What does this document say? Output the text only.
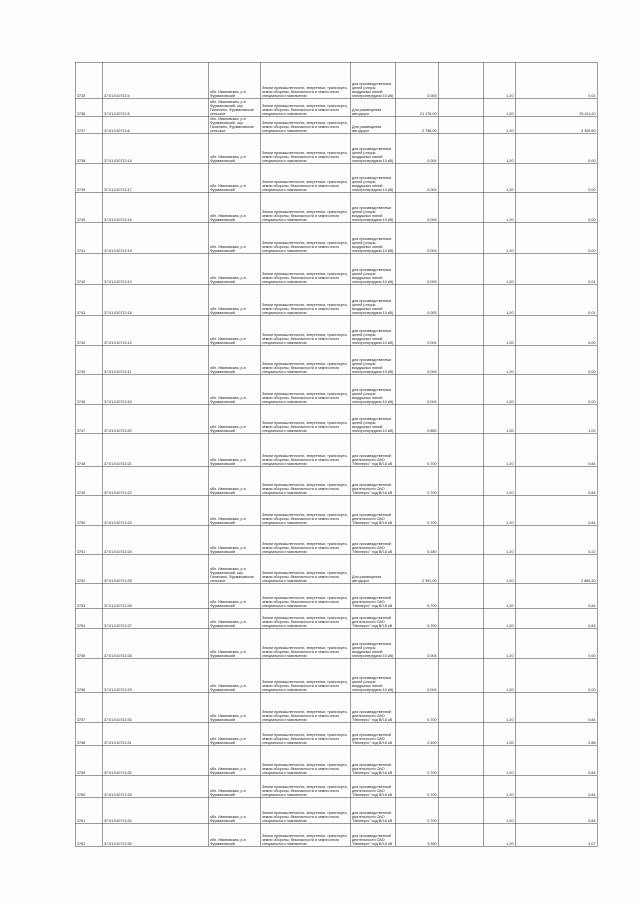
3735	37:01:010713:4	обл. Ивановская, р-н Фурмановский	Земли промышленности, энергетики, транспорта, земли обороны, безопасности и земли иного специального назначения	для производственных целей (опоры воздушных линий электропередачи 10 кВ)	0,005		1,20	0,01

3736	37:01:010713:5	обл. Ивановская, р-н Фурмановский, окр. Панелино, Фурмановское сельское	Земли промышленности, энергетики, транспорта, земли обороны, безопасности и земли иного специального назначения	Для размещения автодорог	21 176,00		1,20	25 411,20

3737	37:01:010713:6	обл. Ивановская, р-н Фурмановский, окр. Панелино, Фурмановское сельское	Земли промышленности, энергетики, транспорта, земли обороны, безопасности и земли иного специального назначения	Для размещения автодорог	2 758,00		1,20	3 309,60

3738	37:01:010713:14	обл. Ивановская, р-н Фурмановский	Земли промышленности, энергетики, транспорта, земли обороны, безопасности и земли иного специального назначения	для производственных целей (опоры воздушных линий электропередачи 10 кВ)	0,004		1,20	0,00

3739	37:01:010713:17	обл. Ивановская, р-н Фурмановский	Земли промышленности, энергетики, транспорта, земли обороны, безопасности и земли иного специального назначения	для производственных целей (опоры воздушных линий электропередачи 10 кВ)	0,004		1,20	0,00

3740	37:01:010713:16	обл. Ивановская, р-н Фурмановский	Земли промышленности, энергетики, транспорта, земли обороны, безопасности и земли иного специального назначения	для производственных целей (опоры воздушных линий электропередачи 10 кВ)	0,004		1,20	0,00

3741	37:01:010713:19	обл. Ивановская, р-н Фурмановский	Земли промышленности, энергетики, транспорта, земли обороны, безопасности и земли иного специального назначения	для производственных целей (опоры воздушных линий электропередачи 10 кВ)	0,004		1,20	0,00

3742	37:01:010713:13	обл. Ивановская, р-н Фурмановский	Земли промышленности, энергетики, транспорта, земли обороны, безопасности и земли иного специального назначения	для производственных целей (опоры воздушных линий электропередачи 10 кВ)	0,005		1,20	0,01

3743	37:01:010713:18	обл. Ивановская, р-н Фурмановский	Земли промышленности, энергетики, транспорта, земли обороны, безопасности и земли иного специального назначения	для производственных целей (опоры воздушных линий электропередачи 10 кВ)	0,005		1,20	0,01

3744	37:01:010713:12	обл. Ивановская, р-н Фурмановский	Земли промышленности, энергетики, транспорта, земли обороны, безопасности и земли иного специального назначения	для производственных целей (опоры воздушных линий электропередачи 10 кВ)	0,004		1,20	0,00

3745	37:01:010713:11	обл. Ивановская, р-н Фурмановский	Земли промышленности, энергетики, транспорта, земли обороны, безопасности и земли иного специального назначения	для производственных целей (опоры воздушных линий электропередачи 10 кВ)	0,004		1,20	0,00

3746	37:01:010713:10	обл. Ивановская, р-н Фурмановский	Земли промышленности, энергетики, транспорта, земли обороны, безопасности и земли иного специального назначения	для производственных целей (опоры воздушных линий электропередачи 10 кВ)	0,004		1,20	0,00

3747	37:01:010713:20	обл. Ивановская, р-н Фурмановский	Земли промышленности, энергетики, транспорта, земли обороны, безопасности и земли иного специального назначения	для производственных целей (опоры воздушных линий электропередачи 10 кВ)	0,850		1,20	1,02

3748	37:01:010713:21	обл. Ивановская, р-н Фурмановский	Земли промышленности, энергетики, транспорта, земли обороны, безопасности и земли иного специального назначения	для производственной деятельности ОАО "Ивэнерго" под ВЛ-6 кВ	0,700		1,20	0,84

3749	37:01:010713:22	обл. Ивановская, р-н Фурмановский	Земли промышленности, энергетики, транспорта, земли обороны, безопасности и земли иного специального назначения	для производственной деятельности ОАО "Ивэнерго" под ВЛ-6 кВ	0,700		1,20	0,84

3750	37:01:010713:23	обл. Ивановская, р-н Фурмановский	Земли промышленности, энергетики, транспорта, земли обороны, безопасности и земли иного специального назначения	для производственной деятельности ОАО "Ивэнерго" под ВЛ-6 кВ	0,700		1,20	0,84

3751	37:01:010713:24	обл. Ивановская, р-н Фурмановский	Земли промышленности, энергетики, транспорта, земли обороны, безопасности и земли иного специального назначения	для производственной деятельности ОАО "Ивэнерго" под ВЛ-6 кВ	0,180		1,20	0,22

3752	37:01:010713:25	обл. Ивановская, р-н Фурмановский, окр. Панелино, Фурмановское сельское	Земли промышленности, энергетики, транспорта, земли обороны, безопасности и земли иного специального назначения	Для размещения автодорог	2 391,00		1,20	2 869,20

3753	37:01:010713:26	обл. Ивановская, р-н Фурмановский	Земли промышленности, энергетики, транспорта, земли обороны, безопасности и земли иного специального назначения	для производственной деятельности ОАО "Ивэнерго" под ВЛ-6 кВ	0,700		1,20	0,84

3754	37:01:010713:27	обл. Ивановская, р-н Фурмановский	Земли промышленности, энергетики, транспорта, земли обороны, безопасности и земли иного специального назначения	для производственной деятельности ОАО "Ивэнерго" под ВЛ-6 кВ	0,700		1,20	0,84

3755	37:01:010713:28	обл. Ивановская, р-н Фурмановский	Земли промышленности, энергетики, транспорта, земли обороны, безопасности и земли иного специального назначения	для производственных целей (опоры воздушных линий электропередачи 10 кВ)	0,004		1,20	0,00

3756	37:01:010713:29	обл. Ивановская, р-н Фурмановский	Земли промышленности, энергетики, транспорта, земли обороны, безопасности и земли иного специального назначения	для производственных целей (опоры воздушных линий электропередачи 10 кВ)	0,004		1,20	0,00

3757	37:01:010713:30	обл. Ивановская, р-н Фурмановский	Земли промышленности, энергетики, транспорта, земли обороны, безопасности и земли иного специального назначения	для производственной деятельности ОАО "Ивэнерго" под ВЛ-6 кВ	0,700		1,20	0,84

3758	37:01:010713:31	обл. Ивановская, р-н Фурмановский	Земли промышленности, энергетики, транспорта, земли обороны, безопасности и земли иного специального назначения	для производственной деятельности ОАО "Ивэнерго" под ВЛ-6 кВ	2,400		1,20	2,88

3759	37:01:010713:32	обл. Ивановская, р-н Фурмановский	Земли промышленности, энергетики, транспорта, земли обороны, безопасности и земли иного специального назначения	для производственной деятельности ОАО "Ивэнерго" под ВЛ-6 кВ	0,700		1,20	0,84

3760	37:01:010713:33	обл. Ивановская, р-н Фурмановский	Земли промышленности, энергетики, транспорта, земли обороны, безопасности и земли иного специального назначения	для производственной деятельности ОАО "Ивэнерго" под ВЛ-6 кВ	0,700		1,20	0,84

3761	37:01:010713:34	обл. Ивановская, р-н Фурмановский	Земли промышленности, энергетики, транспорта, земли обороны, безопасности и земли иного специального назначения	для производственной деятельности ОАО "Ивэнерго" под ВЛ-6 кВ	0,700		1,20	0,84

3762	37:01:010713:35	обл. Ивановская, р-н Фурмановский	Земли промышленности, энергетики, транспорта, земли обороны, безопасности и земли иного специального назначения	для производственной деятельности ОАО "Ивэнерго" под ВЛ-6 кВ	3,390		1,20	4,07
